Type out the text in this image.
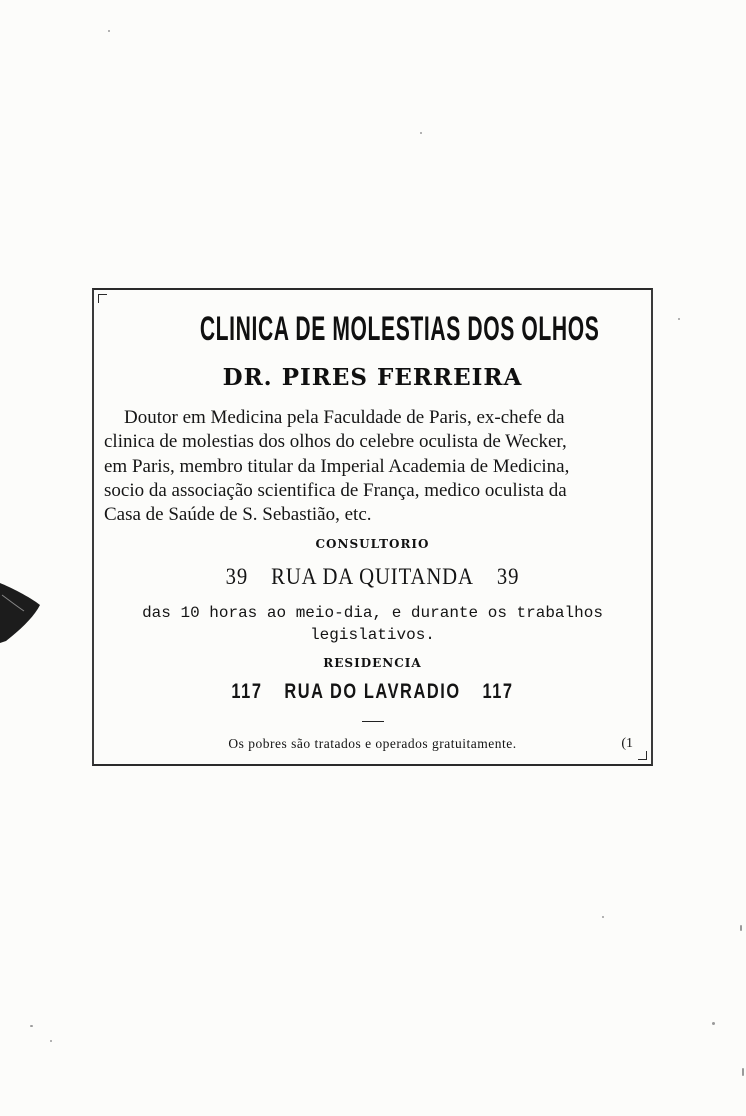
CLINICA DE MOLESTIAS DOS OLHOS
DR. PIRES FERREIRA
Doutor em Medicina pela Faculdade de Paris, ex-chefe da
clinica de molestias dos olhos do celebre oculista de Wecker,
em Paris, membro titular da Imperial Academia de Medicina,
socio da associação scientifica de França, medico oculista da
Casa de Saúde de S. Sebastião, etc.
CONSULTORIO
39 RUA DA QUITANDA 39
das 10 horas ao meio-dia, e durante os trabalhos legislativos.
RESIDENCIA
117 RUA DO LAVRADIO 117
Os pobres são tratados e operados gratuitamente.	(1
